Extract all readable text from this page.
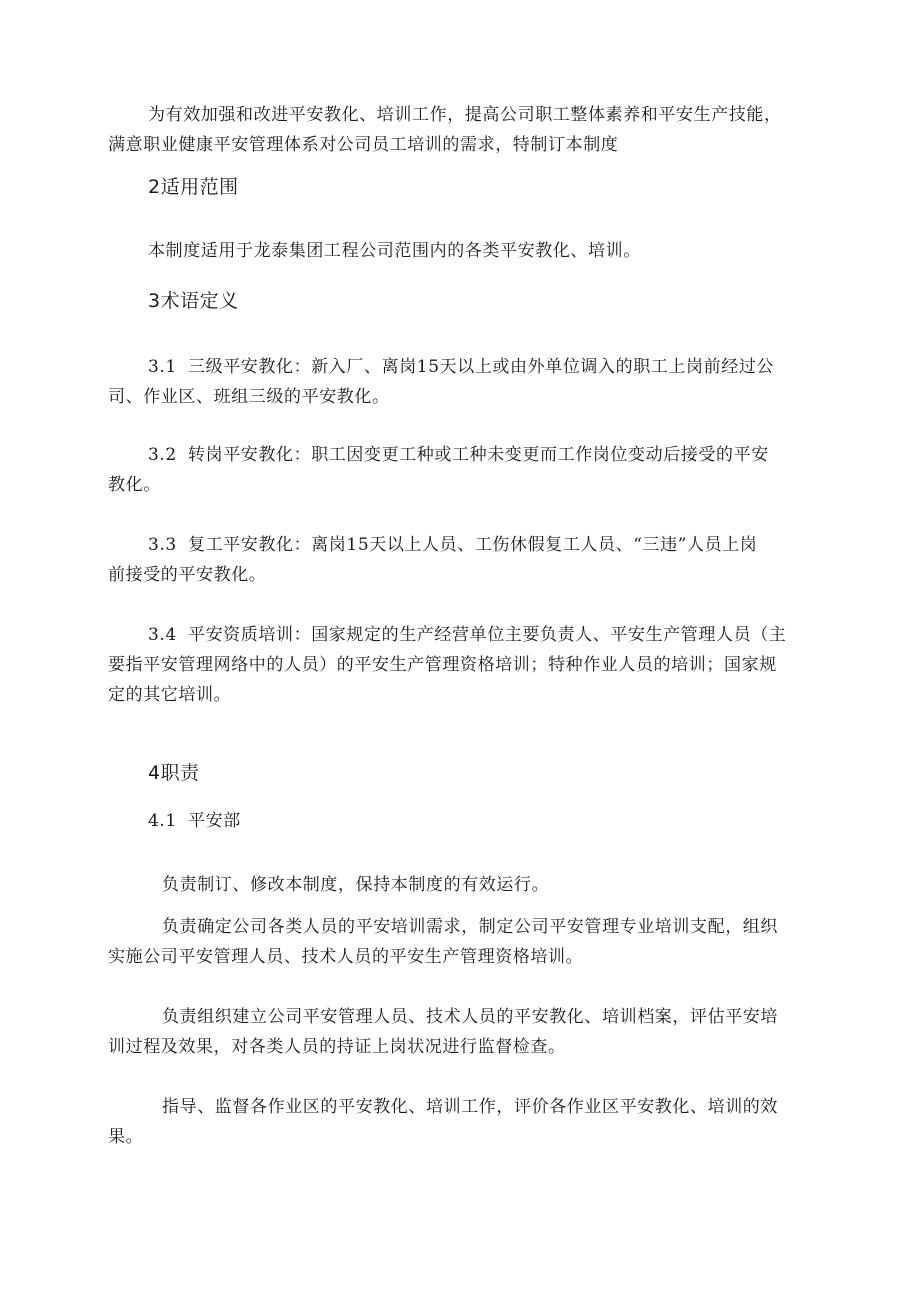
为有效加强和改进平安教化、培训工作，提高公司职工整体素养和平安生产技能，
满意职业健康平安管理体系对公司员工培训的需求，特制订本制度
2适用范围
本制度适用于龙泰集团工程公司范围内的各类平安教化、培训。
3术语定义
3.1 三级平安教化：新入厂、离岗15天以上或由外单位调入的职工上岗前经过公
司、作业区、班组三级的平安教化。
3.2 转岗平安教化：职工因变更工种或工种未变更而工作岗位变动后接受的平安
教化。
3.3 复工平安教化：离岗15天以上人员、工伤休假复工人员、“三违”人员上岗
前接受的平安教化。
3.4 平安资质培训：国家规定的生产经营单位主要负责人、平安生产管理人员（主
要指平安管理网络中的人员）的平安生产管理资格培训；特种作业人员的培训；国家规
定的其它培训。
4职责
4.1 平安部
负责制订、修改本制度，保持本制度的有效运行。
负责确定公司各类人员的平安培训需求，制定公司平安管理专业培训支配，组织
实施公司平安管理人员、技术人员的平安生产管理资格培训。
负责组织建立公司平安管理人员、技术人员的平安教化、培训档案，评估平安培
训过程及效果，对各类人员的持证上岗状况进行监督检查。
指导、监督各作业区的平安教化、培训工作，评价各作业区平安教化、培训的效
果。
